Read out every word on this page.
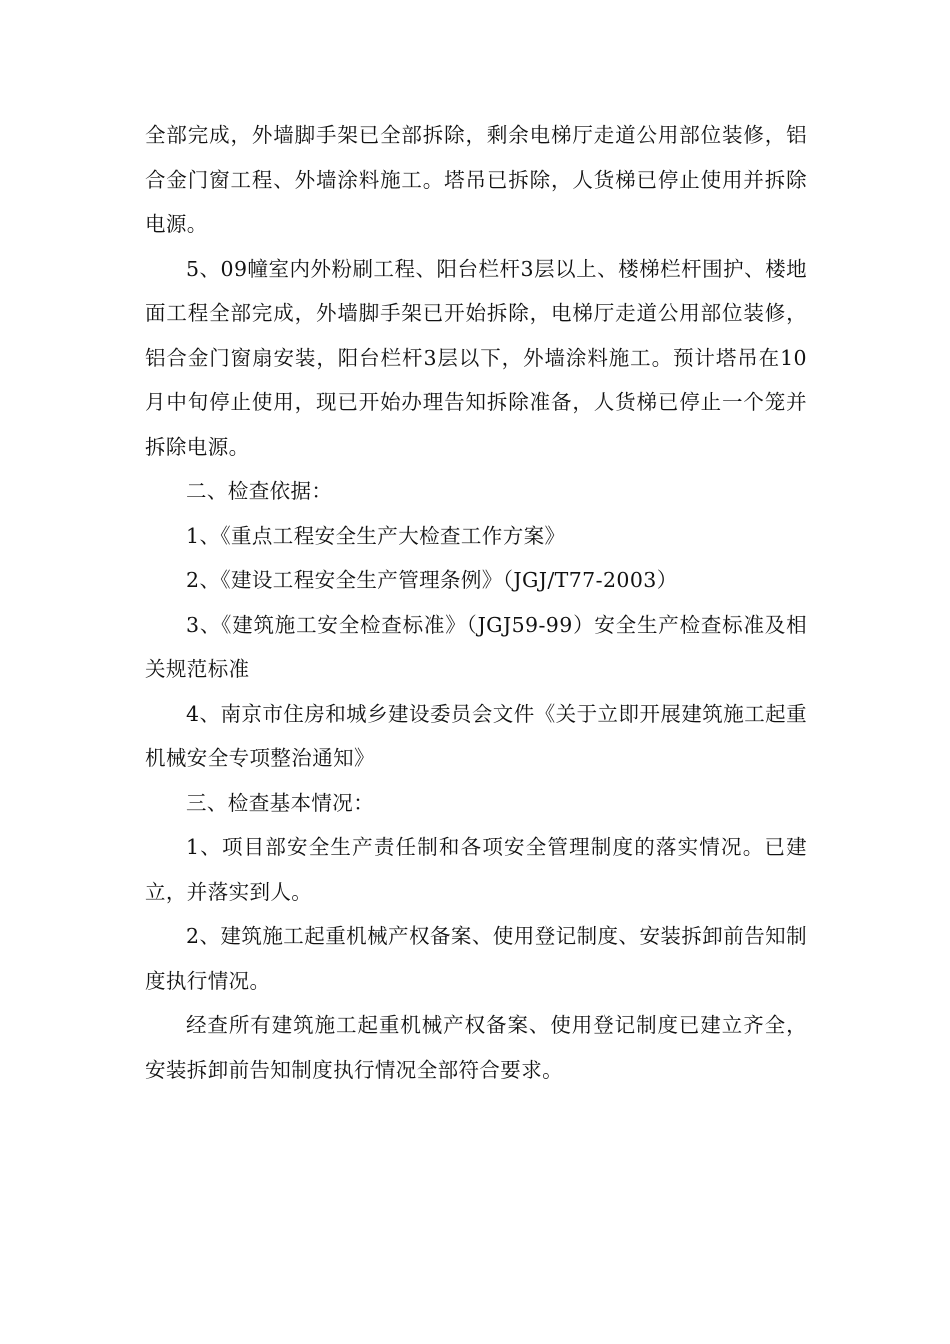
全部完成，外墙脚手架已全部拆除，剩余电梯厅走道公用部位装修，铝合金门窗工程、外墙涂料施工。塔吊已拆除，人货梯已停止使用并拆除电源。

5、09幢室内外粉刷工程、阳台栏杆3层以上、楼梯栏杆围护、楼地面工程全部完成，外墙脚手架已开始拆除，电梯厅走道公用部位装修，铝合金门窗扇安装，阳台栏杆3层以下，外墙涂料施工。预计塔吊在10月中旬停止使用，现已开始办理告知拆除准备，人货梯已停止一个笼并拆除电源。

二、检查依据：

1、《重点工程安全生产大检查工作方案》

2、《建设工程安全生产管理条例》（JGJ/T77-2003）

3、《建筑施工安全检查标准》（JGJ59-99）安全生产检查标准及相关规范标准

4、南京市住房和城乡建设委员会文件《关于立即开展建筑施工起重机械安全专项整治通知》

三、检查基本情况：

1、项目部安全生产责任制和各项安全管理制度的落实情况。已建立，并落实到人。

2、建筑施工起重机械产权备案、使用登记制度、安装拆卸前告知制度执行情况。

经查所有建筑施工起重机械产权备案、使用登记制度已建立齐全，安装拆卸前告知制度执行情况全部符合要求。
